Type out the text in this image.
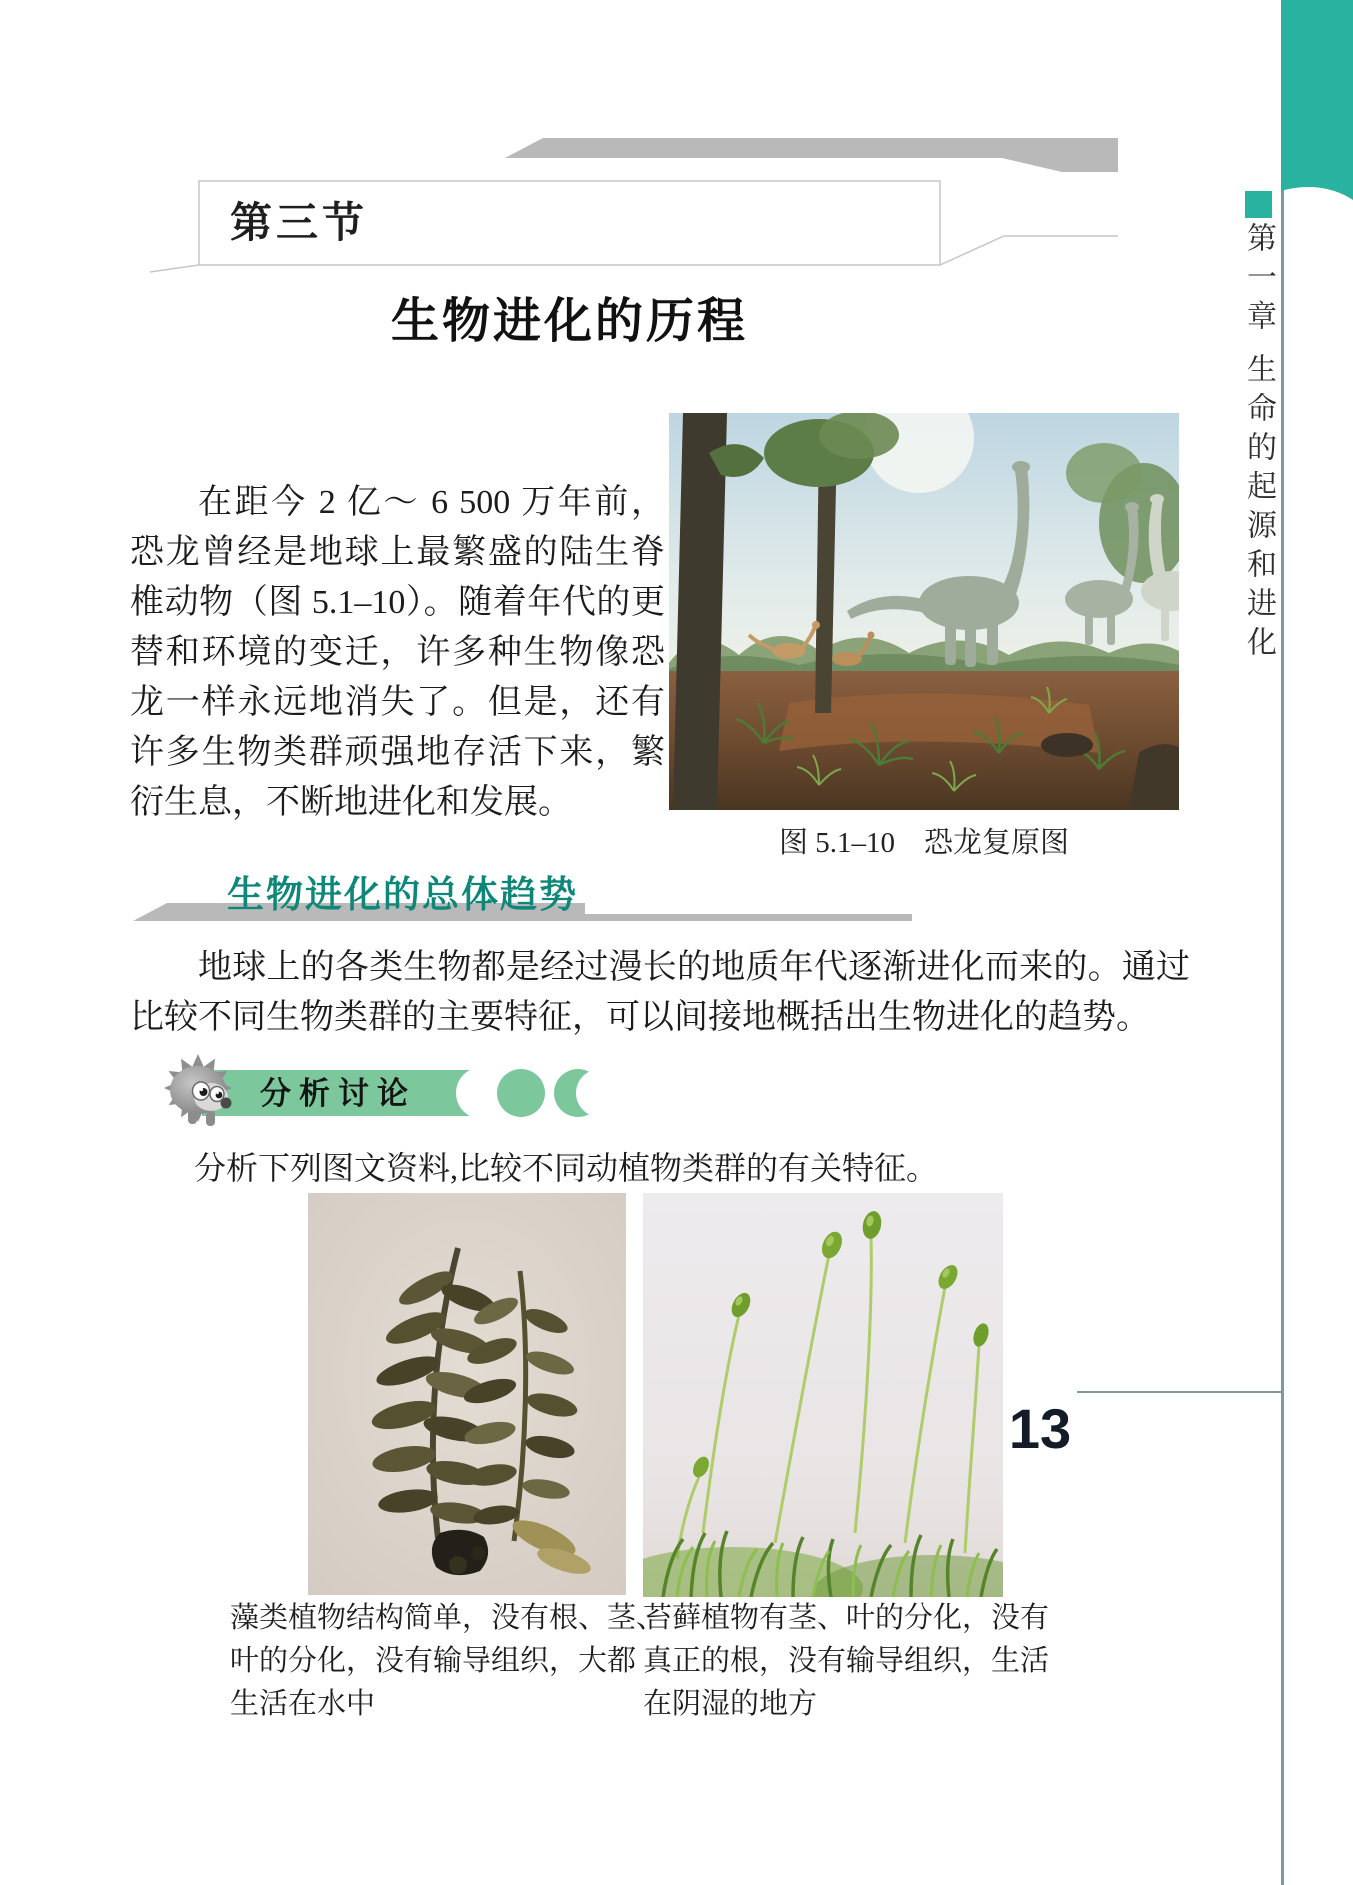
第三节
生物进化的历程
在距今 2 亿～ 6 500 万年前，恐龙曾经是地球上最繁盛的陆生脊椎动物（图 5.1–10）。随着年代的更替和环境的变迁，许多种生物像恐龙一样永远地消失了。但是，还有许多生物类群顽强地存活下来，繁衍生息，不断地进化和发展。
图 5.1–10　恐龙复原图
生物进化的总体趋势
地球上的各类生物都是经过漫长的地质年代逐渐进化而来的。通过比较不同生物类群的主要特征，可以间接地概括出生物进化的趋势。
分析讨论
分析下列图文资料,比较不同动植物类群的有关特征。
藻类植物结构简单，没有根、茎、
叶的分化，没有输导组织，大都
生活在水中
苔藓植物有茎、叶的分化，没有
真正的根，没有输导组织，生活
在阴湿的地方
第一章生命的起源和进化
13
